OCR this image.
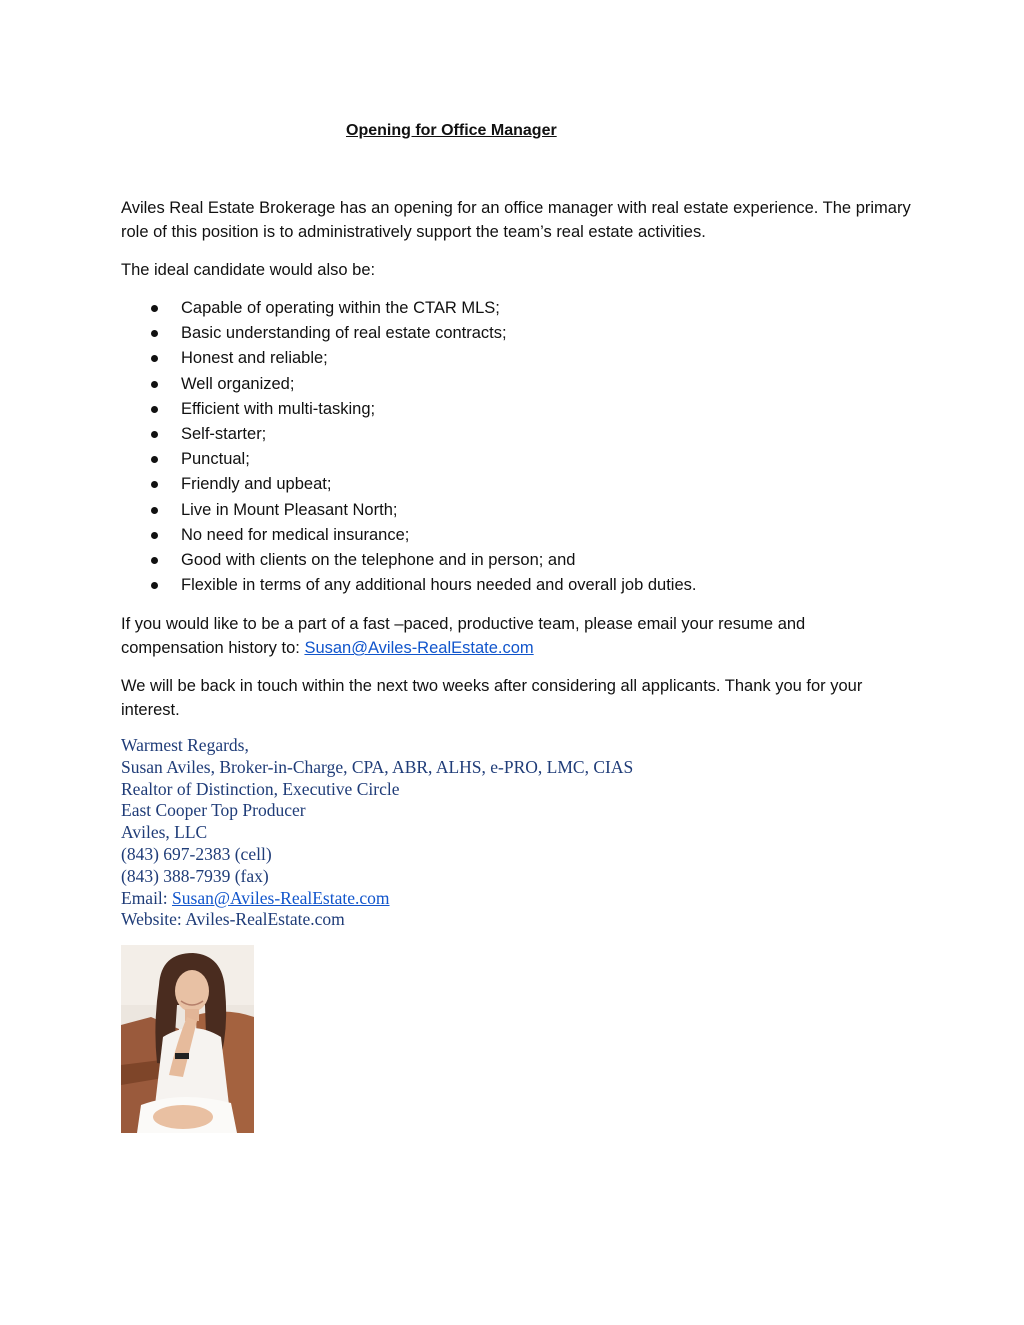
Opening for Office Manager

Aviles Real Estate Brokerage has an opening for an office manager with real estate experience. The primary role of this position is to administratively support the team’s real estate activities.

The ideal candidate would also be:

Capable of operating within the CTAR MLS;
Basic understanding of real estate contracts;
Honest and reliable;
Well organized;
Efficient with multi-tasking;
Self-starter;
Punctual;
Friendly and upbeat;
Live in Mount Pleasant North;
No need for medical insurance;
Good with clients on the telephone and in person; and
Flexible in terms of any additional hours needed and overall job duties.

If you would like to be a part of a fast –paced, productive team, please email your resume and compensation history to: Susan@Aviles-RealEstate.com

We will be back in touch within the next two weeks after considering all applicants. Thank you for your interest.

Warmest Regards,
Susan Aviles, Broker-in-Charge, CPA, ABR, ALHS, e-PRO, LMC, CIAS
Realtor of Distinction, Executive Circle
East Cooper Top Producer
Aviles, LLC
(843) 697-2383 (cell)
(843) 388-7939 (fax)
Email: Susan@Aviles-RealEstate.com
Website: Aviles-RealEstate.com
